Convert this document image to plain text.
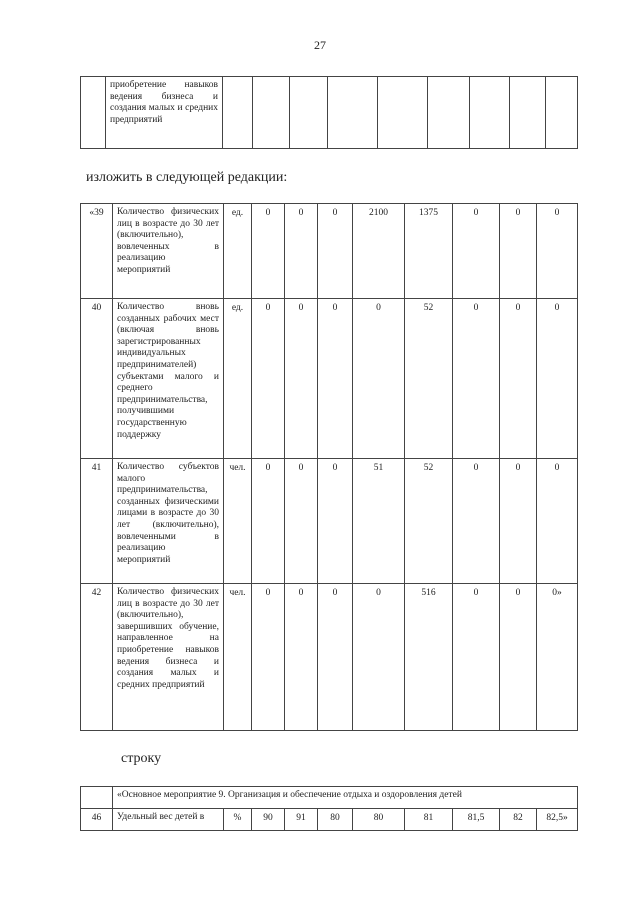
27
	приобретение навыков ведения бизнеса и создания малых и средних предприятий									
изложить в следующей редакции:
«39	Количество физических лиц в возрасте до 30 лет (включительно), вовлеченных в реализацию мероприятий	ед.	0	0	0	2100	1375	0	0	0
40	Количество вновь созданных рабочих мест (включая вновь зарегистрированных индивидуальных предпринимателей) субъектами малого и среднего предпринимательства, получившими государственную поддержку	ед.	0	0	0	0	52	0	0	0
41	Количество субъектов малого предпринимательства, созданных физическими лицами в возрасте до 30 лет (включительно), вовлеченными в реализацию мероприятий	чел.	0	0	0	51	52	0	0	0
42	Количество физических лиц в возрасте до 30 лет (включительно), завершивших обучение, направленное на приобретение навыков ведения бизнеса и создания малых и средних предприятий	чел.	0	0	0	0	516	0	0	0»
строку
	«Основное мероприятие 9. Организация и обеспечение отдыха и оздоровления детей									
46	Удельный вес детей в	%	90	91	80	80	81	81,5	82	82,5»
